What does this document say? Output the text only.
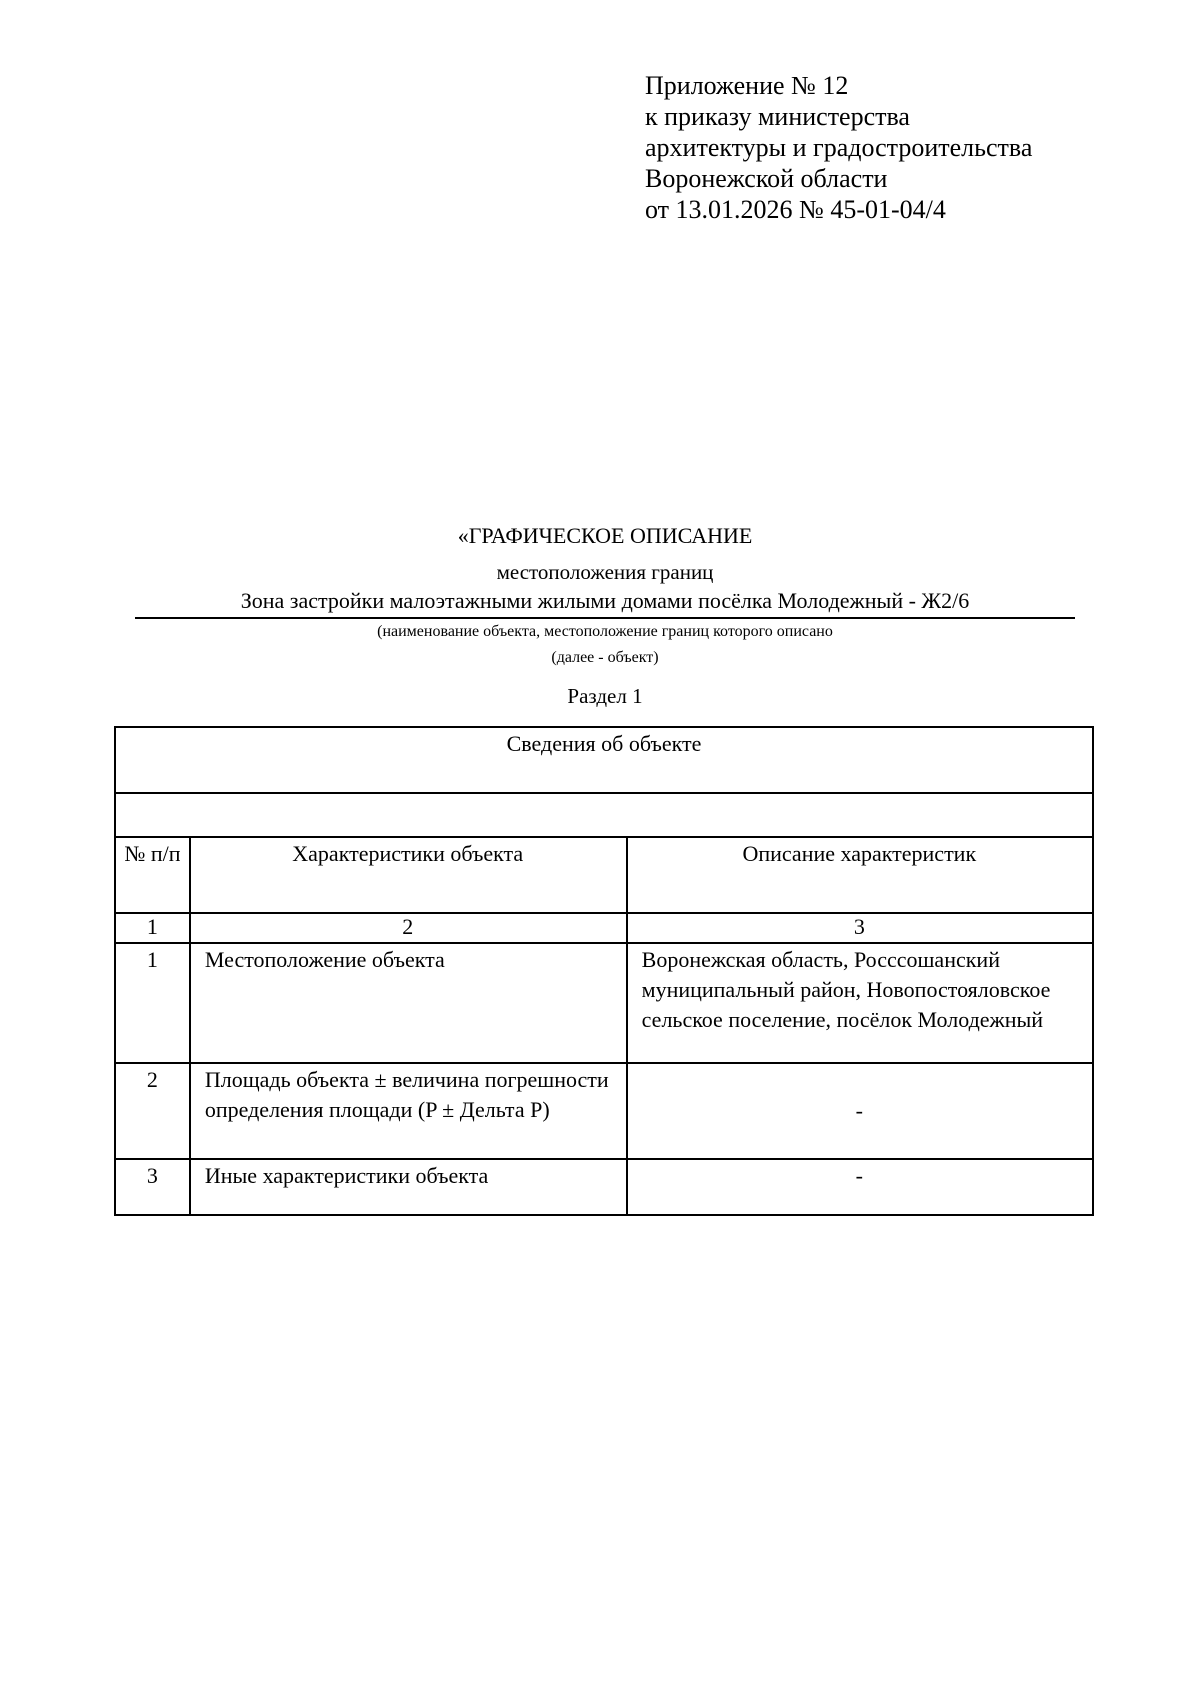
Приложение № 12
к приказу министерства
архитектуры и градостроительства
Воронежской области
от 13.01.2026 № 45-01-04/4
«ГРАФИЧЕСКОЕ ОПИСАНИЕ
местоположения границ
Зона застройки малоэтажными жилыми домами посёлка Молодежный - Ж2/6
(наименование объекта, местоположение границ которого описано
(далее - объект)
Раздел 1
Сведения об объекте		

№ п/п	Характеристики объекта	Описание характеристик
1	2	3
1	Местоположение объекта	Воронежская область, Росссошанский муниципальный район, Новопостояловское сельское поселение, посёлок Молодежный
2	Площадь объекта ± величина погрешности определения площади (P ± Дельта P)	-
3	Иные характеристики объекта	-
